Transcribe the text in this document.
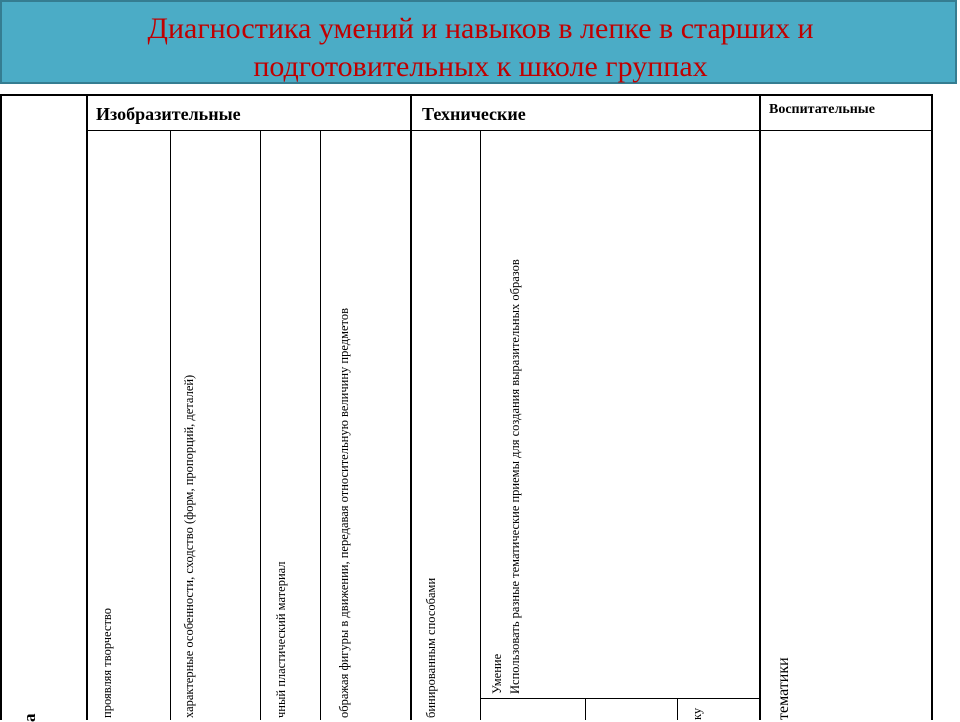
Диагностика умений и навыков в лепке в старших и
подготовительных к школе группах
Изобразительные	Технические	Воспитательные
а	проявляя творчество	характерные особенности, сходство (форм, пропорций, деталей)	чный пластический материал	ображая фигуры в движении, передавая относительную величину предметов	бинированным способами	Умение Использовать разные тематические приемы для создания выразительных образов
ку	тематики
